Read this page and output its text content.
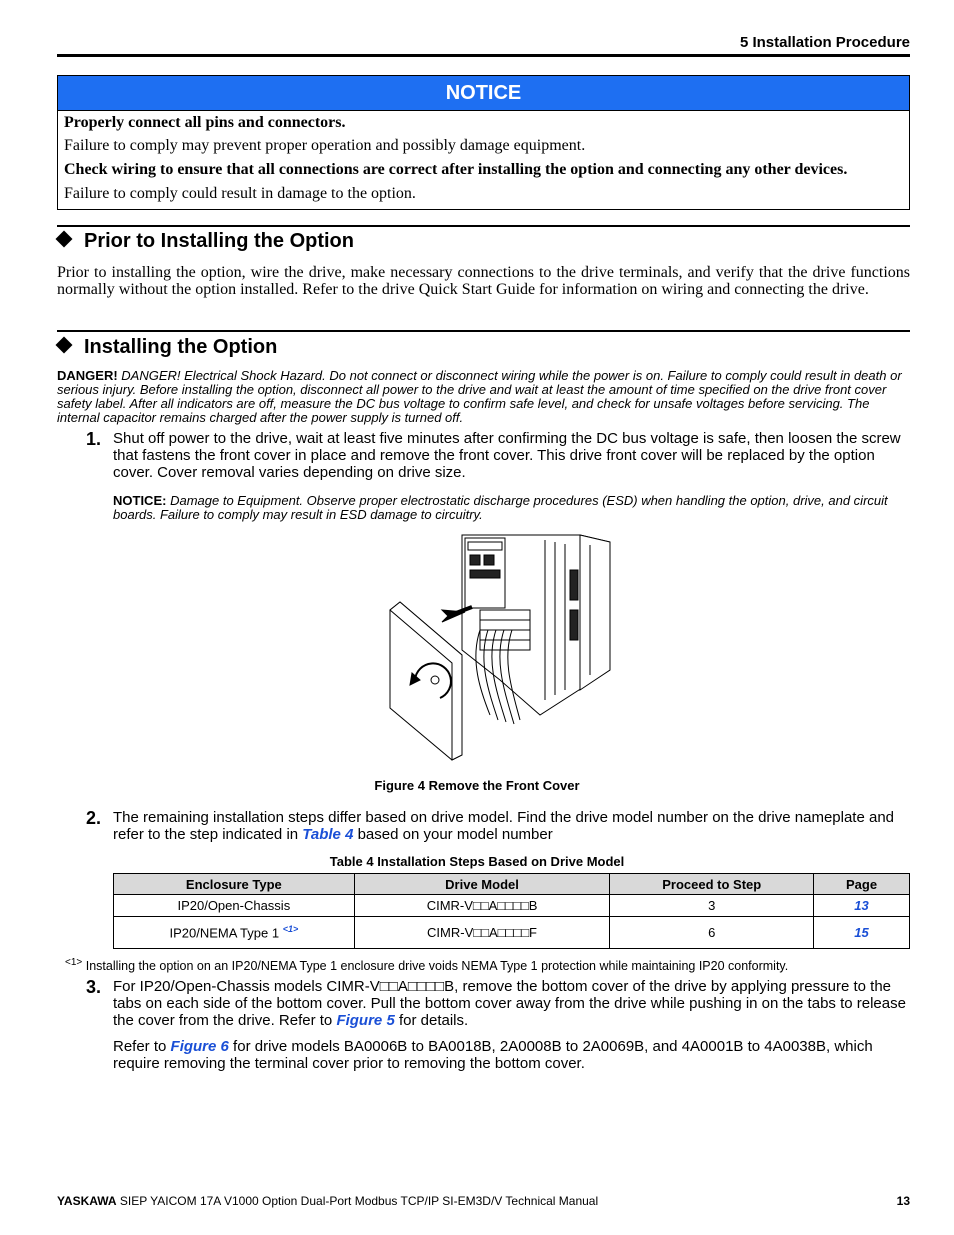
5 Installation Procedure
NOTICE
Properly connect all pins and connectors.
Failure to comply may prevent proper operation and possibly damage equipment.
Check wiring to ensure that all connections are correct after installing the option and connecting any other devices.
Failure to comply could result in damage to the option.
Prior to Installing the Option
Prior to installing the option, wire the drive, make necessary connections to the drive terminals, and verify that the drive functions normally without the option installed. Refer to the drive Quick Start Guide for information on wiring and connecting the drive.
Installing the Option
DANGER! DANGER! Electrical Shock Hazard. Do not connect or disconnect wiring while the power is on. Failure to comply could result in death or serious injury. Before installing the option, disconnect all power to the drive and wait at least the amount of time specified on the drive front cover safety label. After all indicators are off, measure the DC bus voltage to confirm safe level, and check for unsafe voltages before servicing. The internal capacitor remains charged after the power supply is turned off.
1. Shut off power to the drive, wait at least five minutes after confirming the DC bus voltage is safe, then loosen the screw that fastens the front cover in place and remove the front cover. This drive front cover will be replaced by the option cover. Cover removal varies depending on drive size.
NOTICE: Damage to Equipment. Observe proper electrostatic discharge procedures (ESD) when handling the option, drive, and circuit boards. Failure to comply may result in ESD damage to circuitry.
Figure 4 Remove the Front Cover
2. The remaining installation steps differ based on drive model. Find the drive model number on the drive nameplate and refer to the step indicated in Table 4 based on your model number
Table 4 Installation Steps Based on Drive Model
Enclosure Type	Drive Model	Proceed to Step	Page
IP20/Open-Chassis	CIMR-V□□A□□□□B	3	13
IP20/NEMA Type 1 $^{<1>}$	CIMR-V□□A□□□□F	6	15
$^{<1>}$ Installing the option on an IP20/NEMA Type 1 enclosure drive voids NEMA Type 1 protection while maintaining IP20 conformity.
3. For IP20/Open-Chassis models CIMR-V□□A□□□□B, remove the bottom cover of the drive by applying pressure to the tabs on each side of the bottom cover. Pull the bottom cover away from the drive while pushing in on the tabs to release the cover from the drive. Refer to Figure 5 for details.
Refer to Figure 6 for drive models BA0006B to BA0018B, 2A0008B to 2A0069B, and 4A0001B to 4A0038B, which require removing the terminal cover prior to removing the bottom cover.
YASKAWA SIEP YAICOM 17A V1000 Option Dual-Port Modbus TCP/IP SI-EM3D/V Technical Manual	13
